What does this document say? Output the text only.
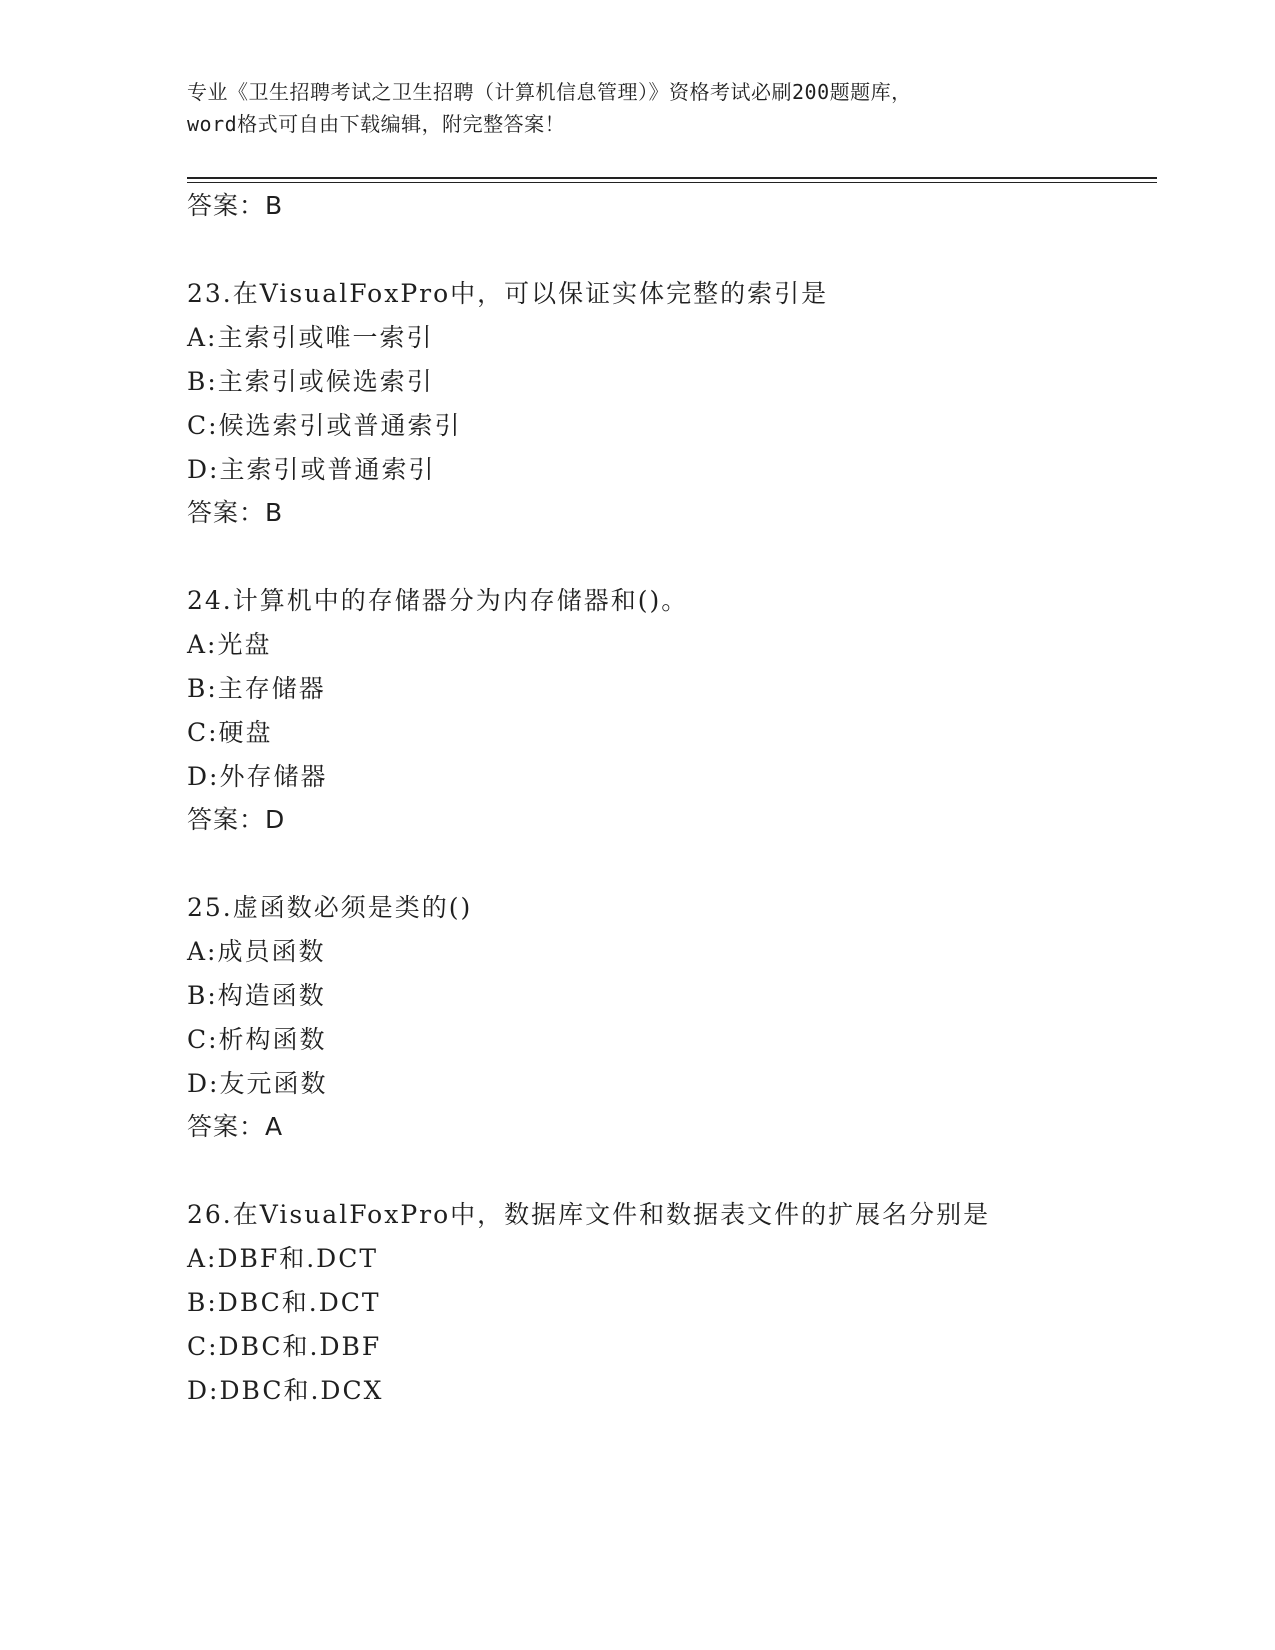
专业《卫生招聘考试之卫生招聘（计算机信息管理）》资格考试必刷200题题库，
word格式可自由下载编辑，附完整答案！
答案：B
23.在VisualFoxPro中，可以保证实体完整的索引是
A:主索引或唯一索引
B:主索引或候选索引
C:候选索引或普通索引
D:主索引或普通索引
答案：B
24.计算机中的存储器分为内存储器和()。
A:光盘
B:主存储器
C:硬盘
D:外存储器
答案：D
25.虚函数必须是类的()
A:成员函数
B:构造函数
C:析构函数
D:友元函数
答案：A
26.在VisualFoxPro中，数据库文件和数据表文件的扩展名分别是
A:DBF和.DCT
B:DBC和.DCT
C:DBC和.DBF
D:DBC和.DCX
